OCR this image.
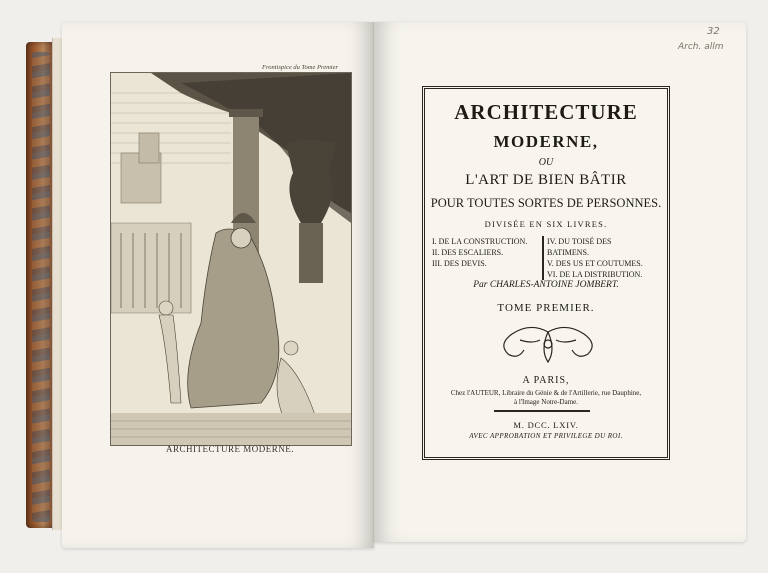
Frontispice du Tome Premier
ARCHITECTURE MODERNE.
ARCHITECTURE
MODERNE,
OU
L'ART DE BIEN BÂTIR
POUR TOUTES SORTES DE PERSONNES.
DIVISÉE EN SIX LIVRES.
I. DE LA CONSTRUCTION.
II. DES ESCALIERS.
III. DES DEVIS.
IV. DU TOISÉ DES BATIMENS.
V. DES US ET COUTUMES.
VI. DE LA DISTRIBUTION.
Par CHARLES-ANTOINE JOMBERT.
TOME PREMIER.
A PARIS,
Chez l'AUTEUR, Libraire du Génie & de l'Artillerie, rue Dauphine,
à l'Image Notre-Dame.
M. DCC. LXIV.
AVEC APPROBATION ET PRIVILEGE DU ROI.
32
Arch. allm
